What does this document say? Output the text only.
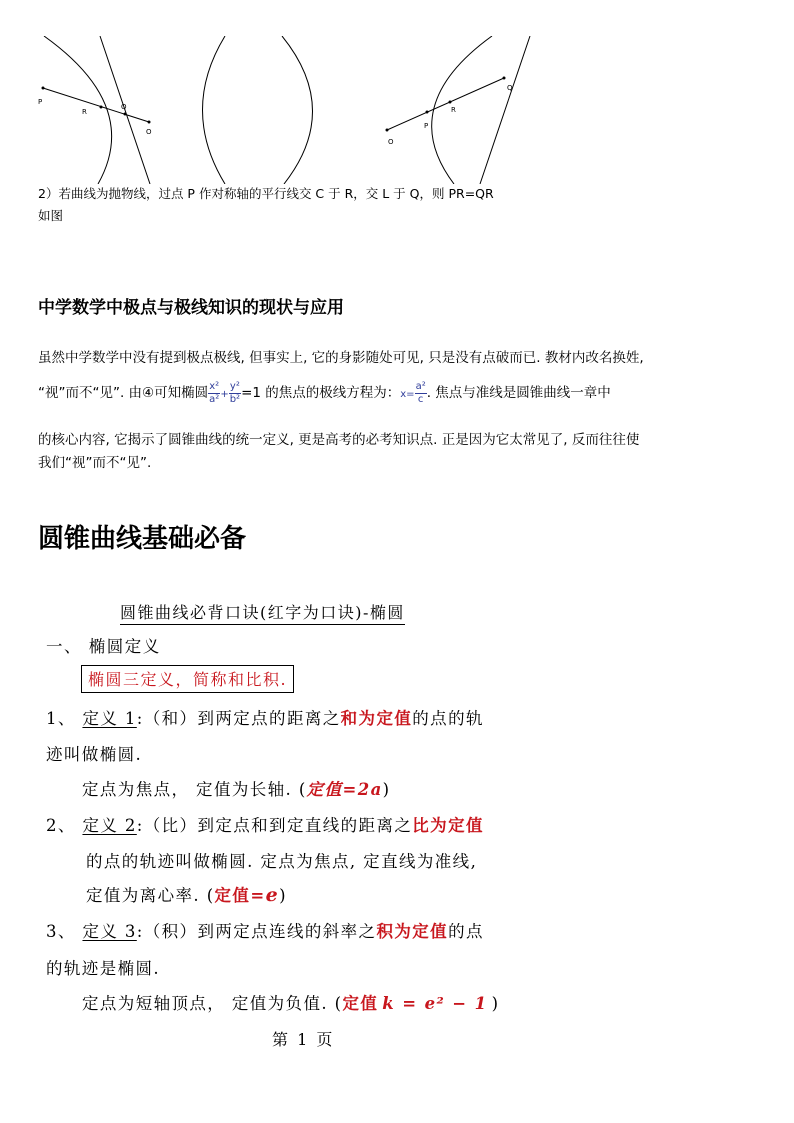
P
R
Q
O
O
P
R
Q
2）若曲线为抛物线，过点 P 作对称轴的平行线交 C 于 R，交 L 于 Q，则 PR=QR
如图
中学数学中极点与极线知识的现状与应用
虽然中学数学中没有提到极点极线, 但事实上, 它的身影随处可见, 只是没有点破而已. 教材内改名换姓,
“视”而不“见”. 由④可知椭圆 $\frac{\text{x²}}{\text{a²}} + \frac{\text{y²}}{\text{b²}} =1$ 的焦点的极线方程为：$x= \frac{\text{a²}}{c}$ . 焦点与准线是圆锥曲线一章中
的核心内容, 它揭示了圆锥曲线的统一定义, 更是高考的必考知识点. 正是因为它太常见了, 反而往往使
我们“视”而不“见”.
圆锥曲线基础必备
圆锥曲线必背口诀(红字为口诀)-椭圆
一、 椭圆定义
椭圆三定义，简称和比积.
1、 定义 1:（和）到两定点的距离之和为定值的点的轨
迹叫做椭圆.
定点为焦点， 定值为长轴. (定值=2a)
2、 定义 2:（比）到定点和到定直线的距离之比为定值
的点的轨迹叫做椭圆. 定点为焦点, 定直线为准线,
定值为离心率. (定值=e)
3、 定义 3:（积）到两定点连线的斜率之积为定值的点
的轨迹是椭圆.
定点为短轴顶点， 定值为负值. (定值 k = e² − 1 )
第 1 页
